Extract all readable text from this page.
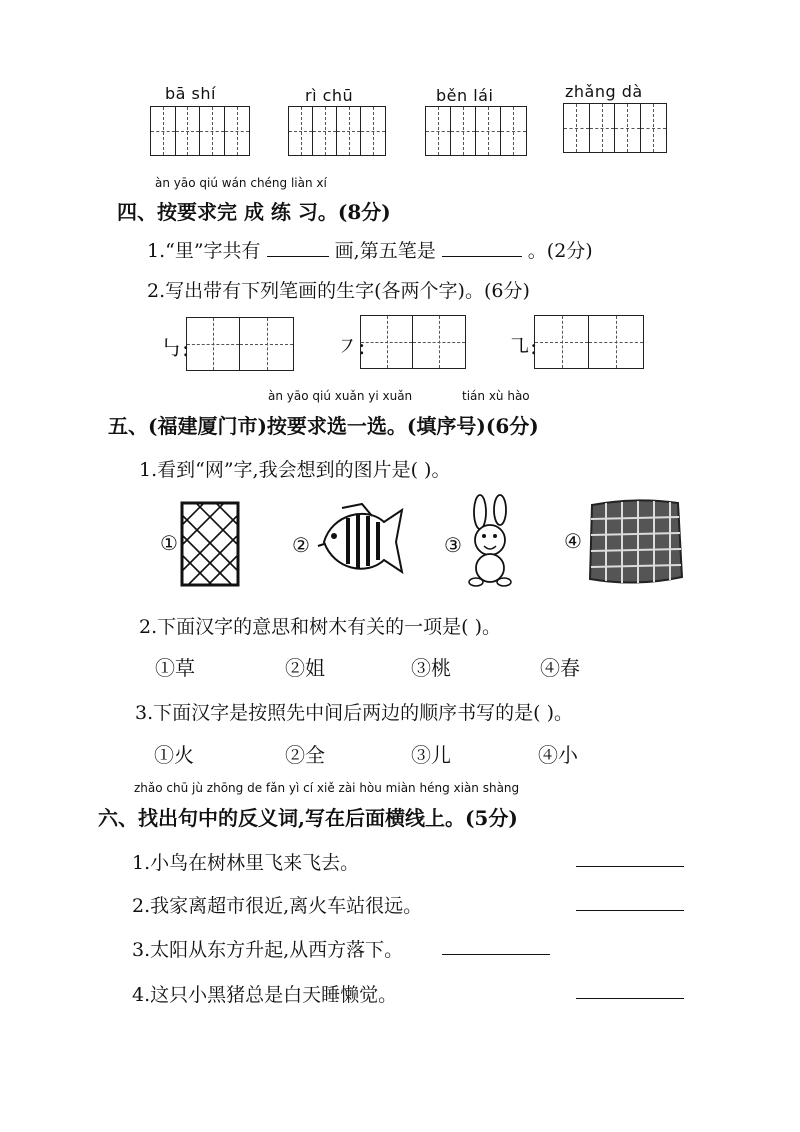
bā shí	rì chū	běn lái	zhǎng dà
àn yāo qiú wán chéng liàn xí
四、按要求完 成 练 习。(8分)
1.“里”字共有	画,第五笔是	。(2分)
2.写出带有下列笔画的生字(各两个字)。(6分)
㇉:	㇇:	㇈:
àn yāo qiú xuǎn yi xuǎn	tián xù hào
五、(福建厦门市)按要求选一选。(填序号)(6分)
1.看到“网”字,我会想到的图片是( )。
①	②	③	④
2.下面汉字的意思和树木有关的一项是( )。
①草	②姐	③桃	④春
3.下面汉字是按照先中间后两边的顺序书写的是( )。
①火	②全	③儿	④小
zhǎo chū jù zhōng de fǎn yì cí xiě zài hòu miàn héng xiàn shàng
六、找出句中的反义词,写在后面横线上。(5分)
1.小鸟在树林里飞来飞去。
2.我家离超市很近,离火车站很远。
3.太阳从东方升起,从西方落下。
4.这只小黑猪总是白天睡懒觉。
